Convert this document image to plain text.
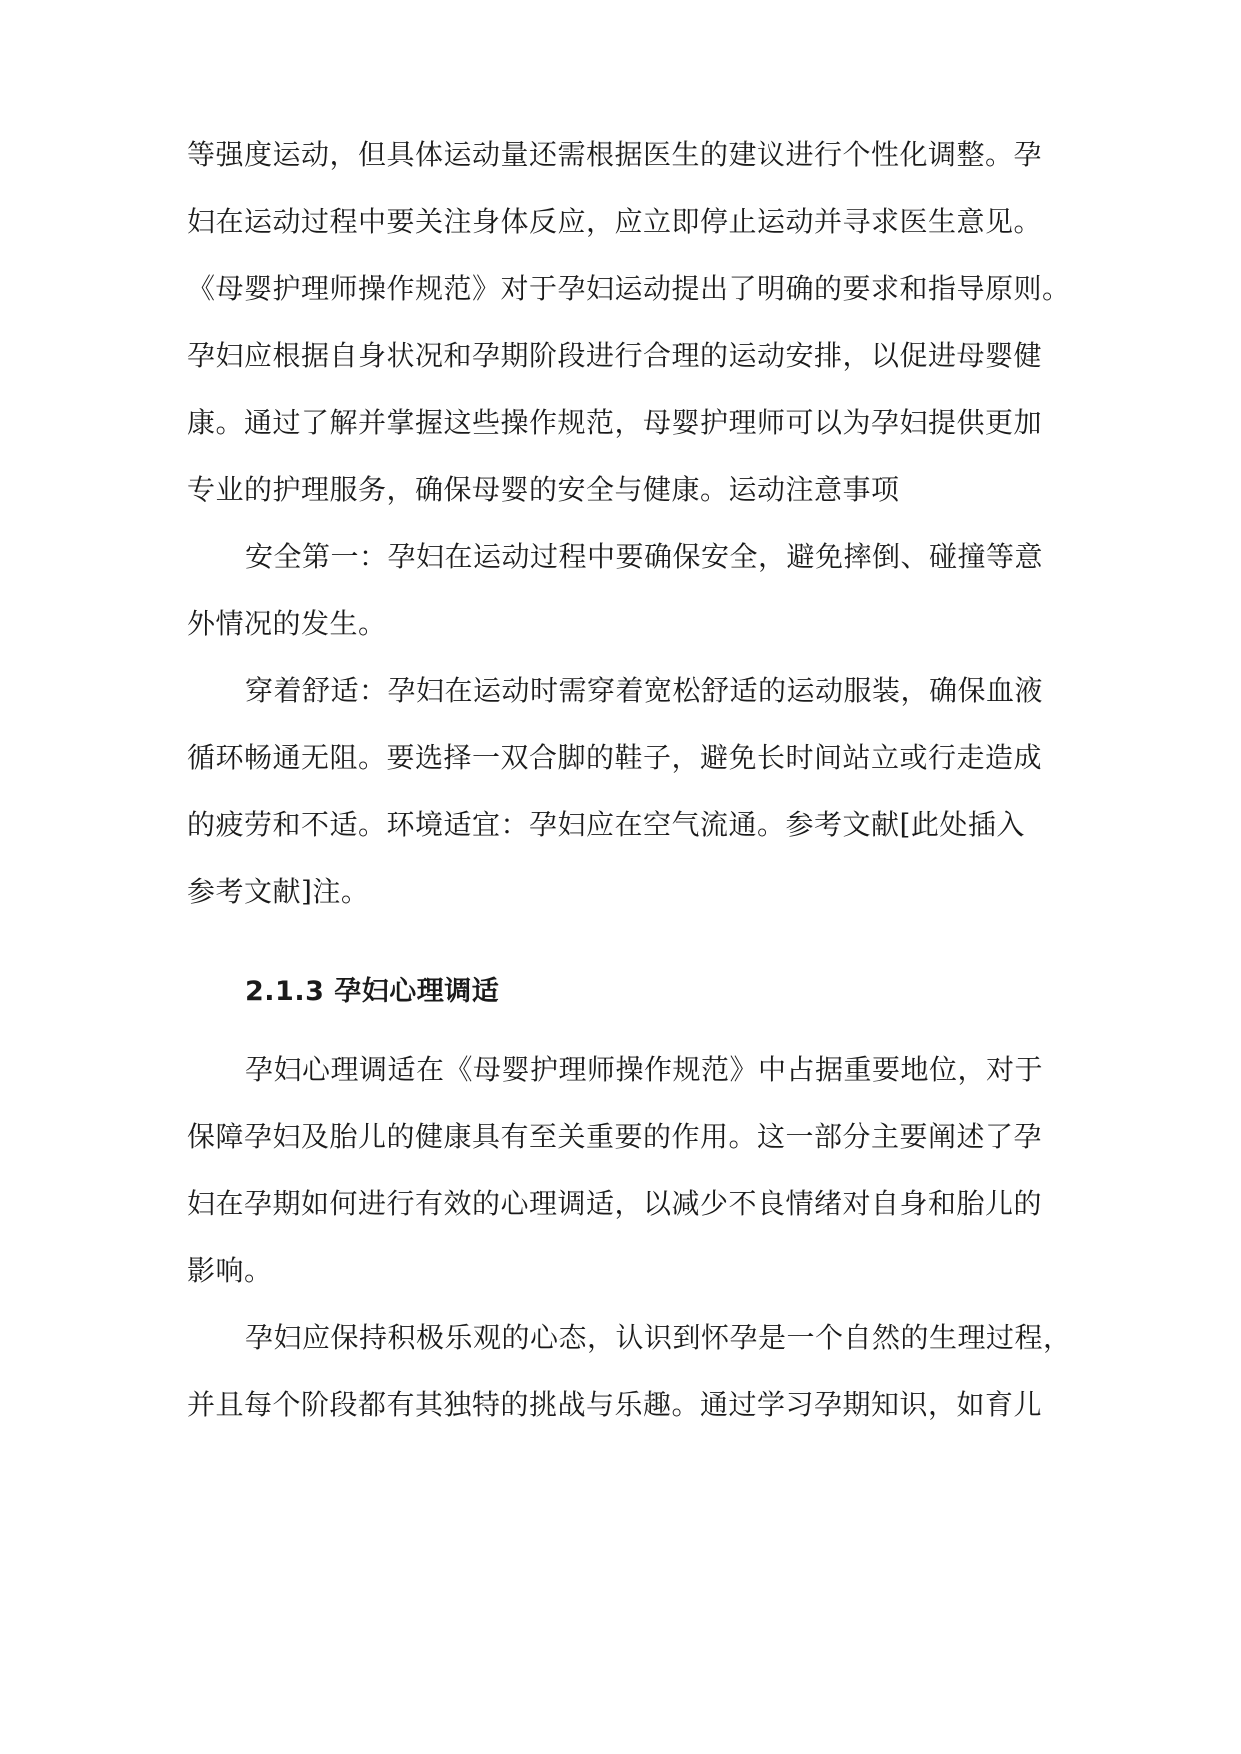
等强度运动，但具体运动量还需根据医生的建议进行个性化调整。孕
妇在运动过程中要关注身体反应，应立即停止运动并寻求医生意见。
《母婴护理师操作规范》对于孕妇运动提出了明确的要求和指导原则。
孕妇应根据自身状况和孕期阶段进行合理的运动安排，以促进母婴健
康。通过了解并掌握这些操作规范，母婴护理师可以为孕妇提供更加
专业的护理服务，确保母婴的安全与健康。运动注意事项
安全第一：孕妇在运动过程中要确保安全，避免摔倒、碰撞等意
外情况的发生。
穿着舒适：孕妇在运动时需穿着宽松舒适的运动服装，确保血液
循环畅通无阻。要选择一双合脚的鞋子，避免长时间站立或行走造成
的疲劳和不适。环境适宜：孕妇应在空气流通。参考文献[此处插入
参考文献]注。
2.1.3 孕妇心理调适
孕妇心理调适在《母婴护理师操作规范》中占据重要地位，对于
保障孕妇及胎儿的健康具有至关重要的作用。这一部分主要阐述了孕
妇在孕期如何进行有效的心理调适，以减少不良情绪对自身和胎儿的
影响。
孕妇应保持积极乐观的心态，认识到怀孕是一个自然的生理过程，
并且每个阶段都有其独特的挑战与乐趣。通过学习孕期知识，如育儿
